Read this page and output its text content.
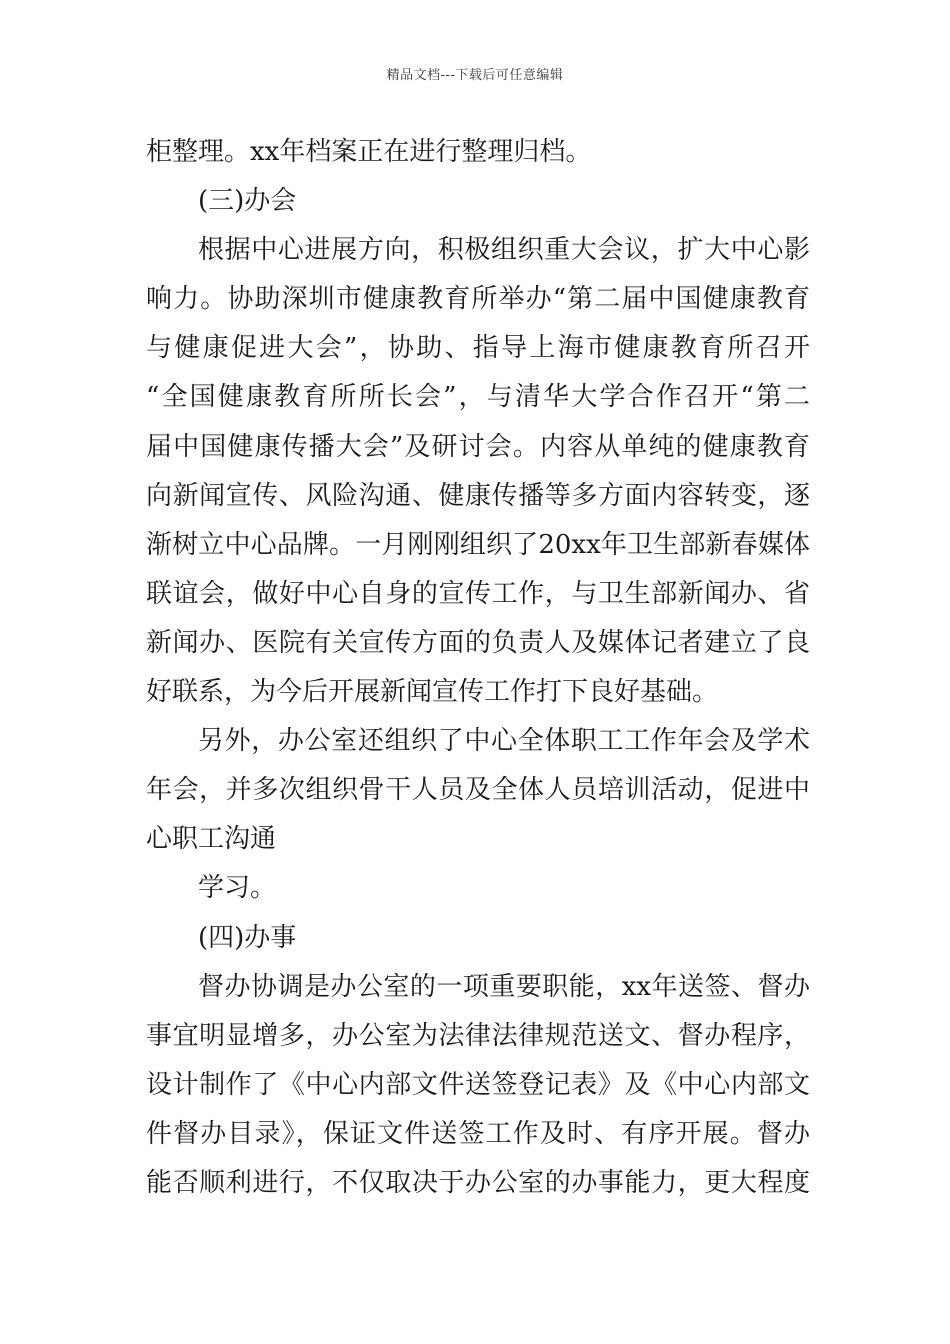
精品文档---下载后可任意编辑
柜整理。xx年档案正在进行整理归档。
(三)办会
根据中心进展方向，积极组织重大会议，扩大中心影
响力。协助深圳市健康教育所举办“第二届中国健康教育
与健康促进大会”，协助、指导上海市健康教育所召开
“全国健康教育所所长会”，与清华大学合作召开“第二
届中国健康传播大会”及研讨会。内容从单纯的健康教育
向新闻宣传、风险沟通、健康传播等多方面内容转变，逐
渐树立中心品牌。一月刚刚组织了20xx年卫生部新春媒体
联谊会，做好中心自身的宣传工作，与卫生部新闻办、省
新闻办、医院有关宣传方面的负责人及媒体记者建立了良
好联系，为今后开展新闻宣传工作打下良好基础。
另外，办公室还组织了中心全体职工工作年会及学术
年会，并多次组织骨干人员及全体人员培训活动，促进中
心职工沟通
学习。
(四)办事
督办协调是办公室的一项重要职能，xx年送签、督办
事宜明显增多，办公室为法律法律规范送文、督办程序，
设计制作了《中心内部文件送签登记表》及《中心内部文
件督办目录》，保证文件送签工作及时、有序开展。督办
能否顺利进行，不仅取决于办公室的办事能力，更大程度
